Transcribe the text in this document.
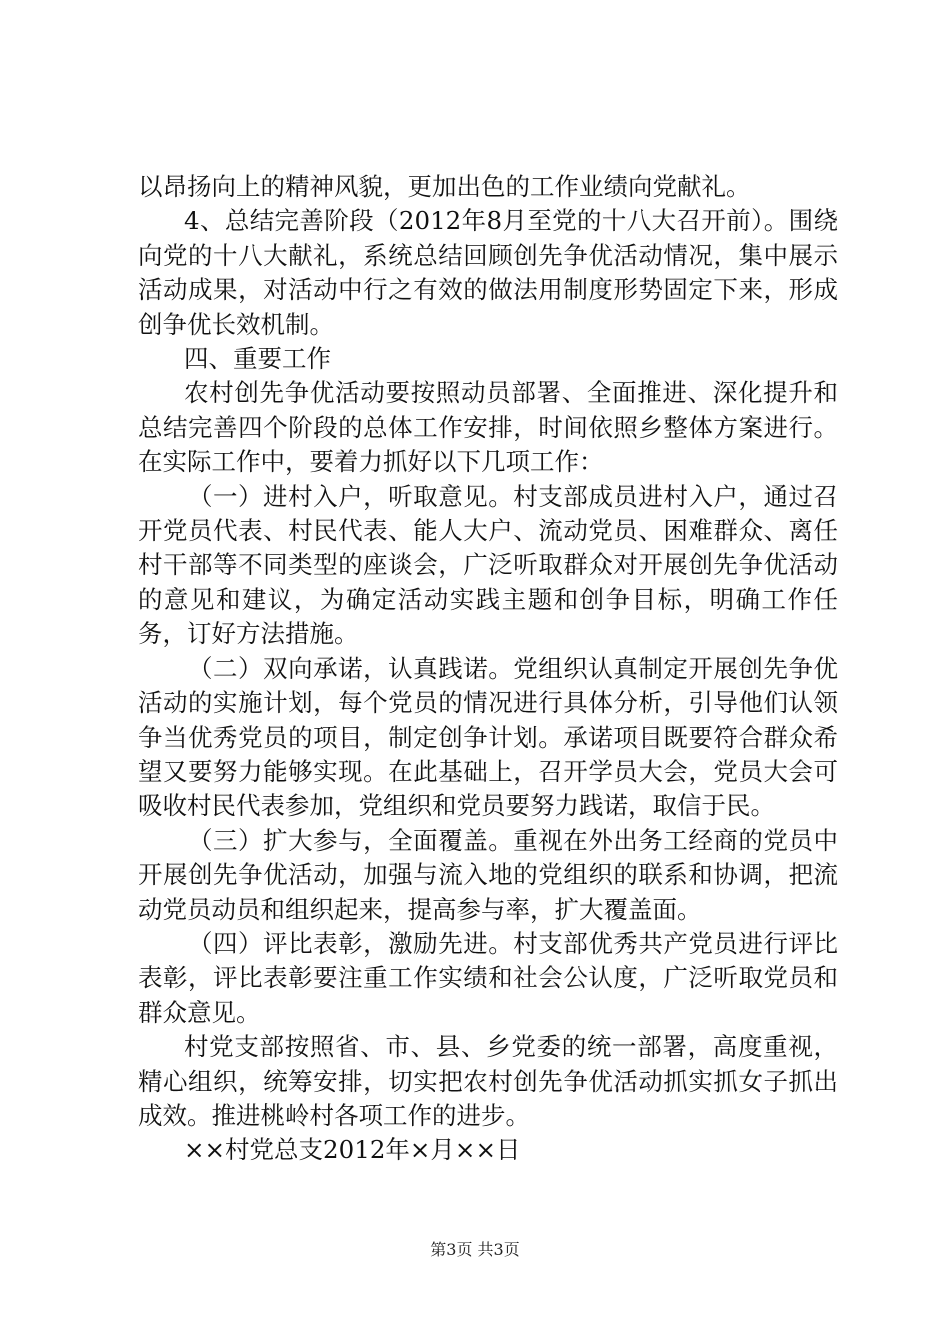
以昂扬向上的精神风貌，更加出色的工作业绩向党献礼。

4、总结完善阶段（2012年8月至党的十八大召开前）。围绕向党的十八大献礼，系统总结回顾创先争优活动情况，集中展示活动成果，对活动中行之有效的做法用制度形势固定下来，形成创争优长效机制。

四、重要工作

农村创先争优活动要按照动员部署、全面推进、深化提升和总结完善四个阶段的总体工作安排，时间依照乡整体方案进行。在实际工作中，要着力抓好以下几项工作：

（一）进村入户，听取意见。村支部成员进村入户，通过召开党员代表、村民代表、能人大户、流动党员、困难群众、离任村干部等不同类型的座谈会，广泛听取群众对开展创先争优活动的意见和建议，为确定活动实践主题和创争目标，明确工作任务，订好方法措施。

（二）双向承诺，认真践诺。党组织认真制定开展创先争优活动的实施计划，每个党员的情况进行具体分析，引导他们认领争当优秀党员的项目，制定创争计划。承诺项目既要符合群众希望又要努力能够实现。在此基础上，召开学员大会，党员大会可吸收村民代表参加，党组织和党员要努力践诺，取信于民。

（三）扩大参与，全面覆盖。重视在外出务工经商的党员中开展创先争优活动，加强与流入地的党组织的联系和协调，把流动党员动员和组织起来，提高参与率，扩大覆盖面。

（四）评比表彰，激励先进。村支部优秀共产党员进行评比表彰，评比表彰要注重工作实绩和社会公认度，广泛听取党员和群众意见。

村党支部按照省、市、县、乡党委的统一部署，高度重视，精心组织，统筹安排，切实把农村创先争优活动抓实抓女子抓出成效。推进桃岭村各项工作的进步。

××村党总支2012年×月××日

第3页 共3页
